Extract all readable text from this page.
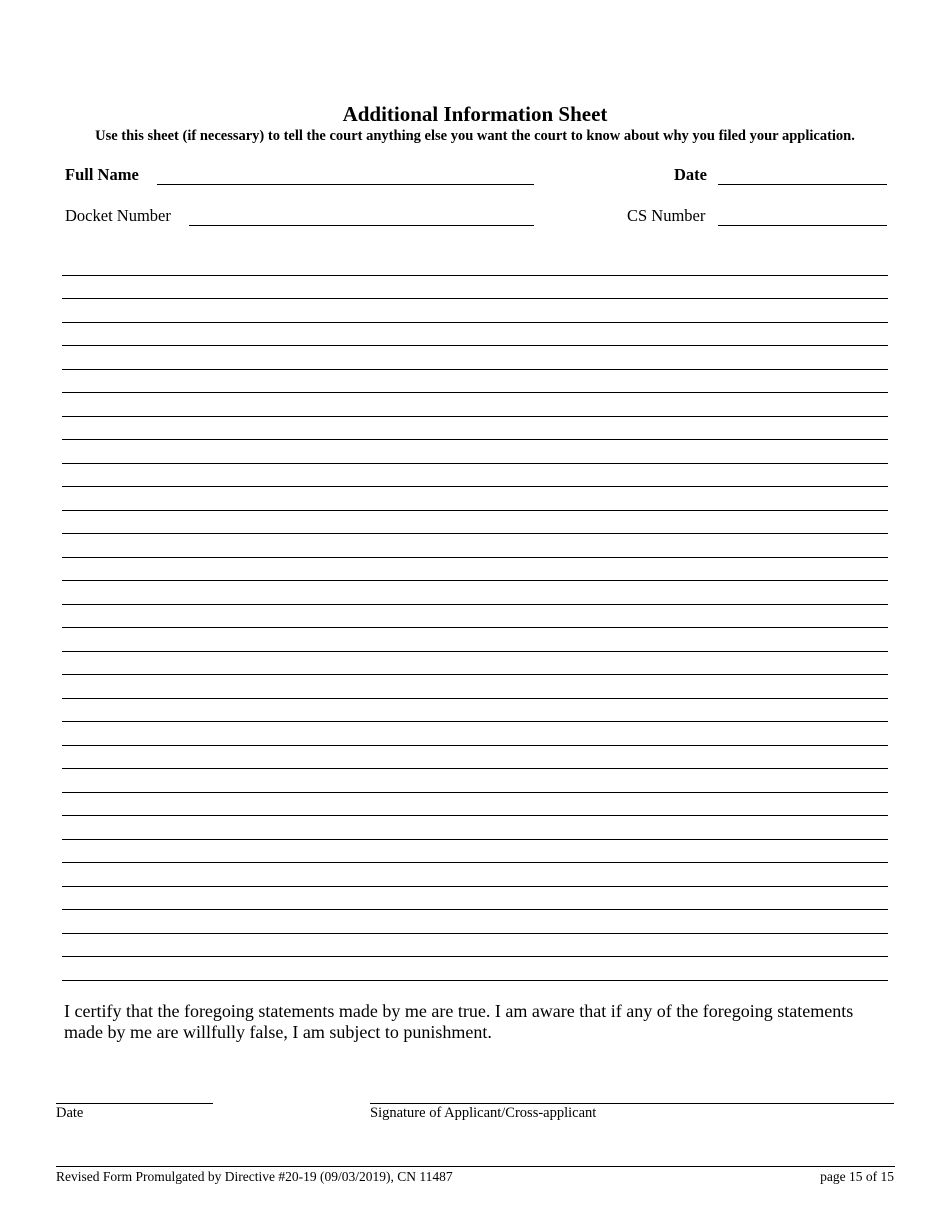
Additional Information Sheet
Use this sheet (if necessary) to tell the court anything else you want the court to know about why you filed your application.
Full Name	Date
Docket Number	CS Number
I certify that the foregoing statements made by me are true. I am aware that if any of the foregoing statements made by me are willfully false, I am subject to punishment.
Date	Signature of Applicant/Cross-applicant
Revised Form Promulgated by Directive #20-19 (09/03/2019), CN 11487	page 15 of 15
